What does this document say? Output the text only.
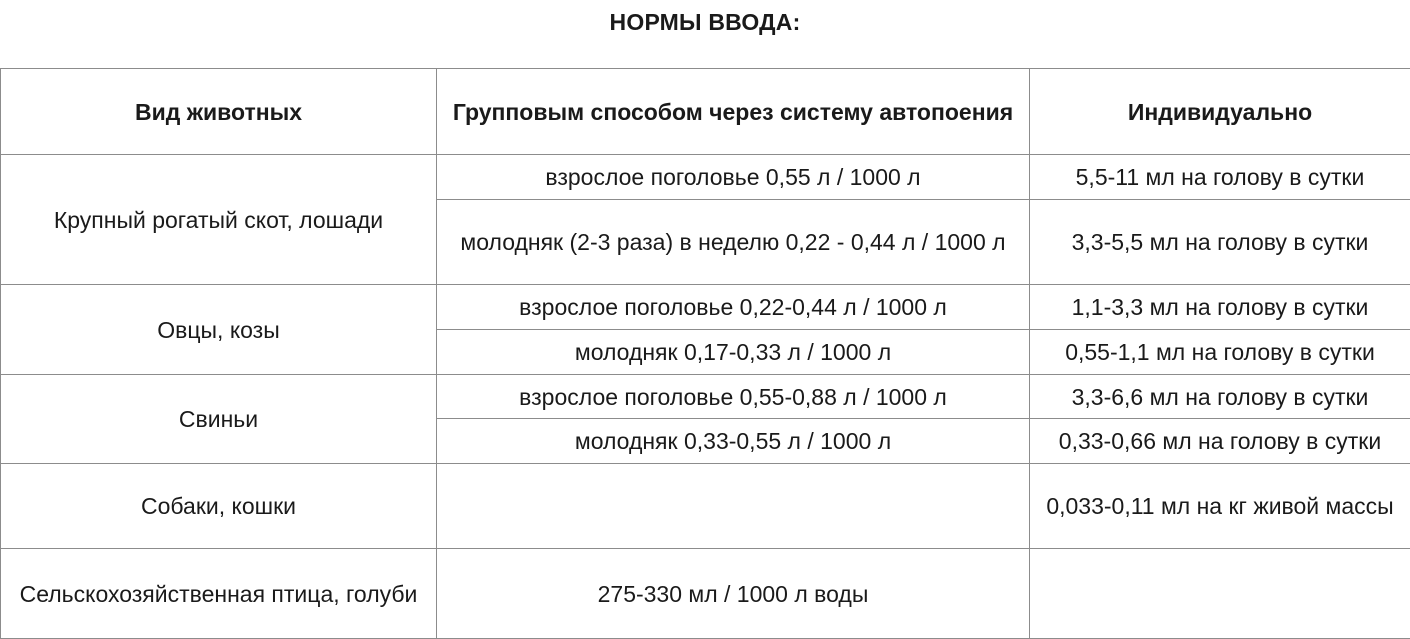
НОРМЫ ВВОДА:
Вид животных	Групповым способом через систему автопоения	Индивидуально
Крупный рогатый скот, лошади	взрослое поголовье 0,55 л / 1000 л	5,5-11 мл на голову в сутки
	молодняк (2-3 раза) в неделю 0,22 - 0,44 л / 1000 л	3,3-5,5 мл на голову в сутки
Овцы, козы	взрослое поголовье 0,22-0,44 л / 1000 л	1,1-3,3 мл на голову в сутки
	молодняк 0,17-0,33 л / 1000 л	0,55-1,1 мл на голову в сутки
Свиньи	взрослое поголовье 0,55-0,88 л / 1000 л	3,3-6,6 мл на голову в сутки
	молодняк 0,33-0,55 л / 1000 л	0,33-0,66 мл на голову в сутки
Собаки, кошки		0,033-0,11 мл на кг живой массы
Сельскохозяйственная птица, голуби	275-330 мл / 1000 л воды	
